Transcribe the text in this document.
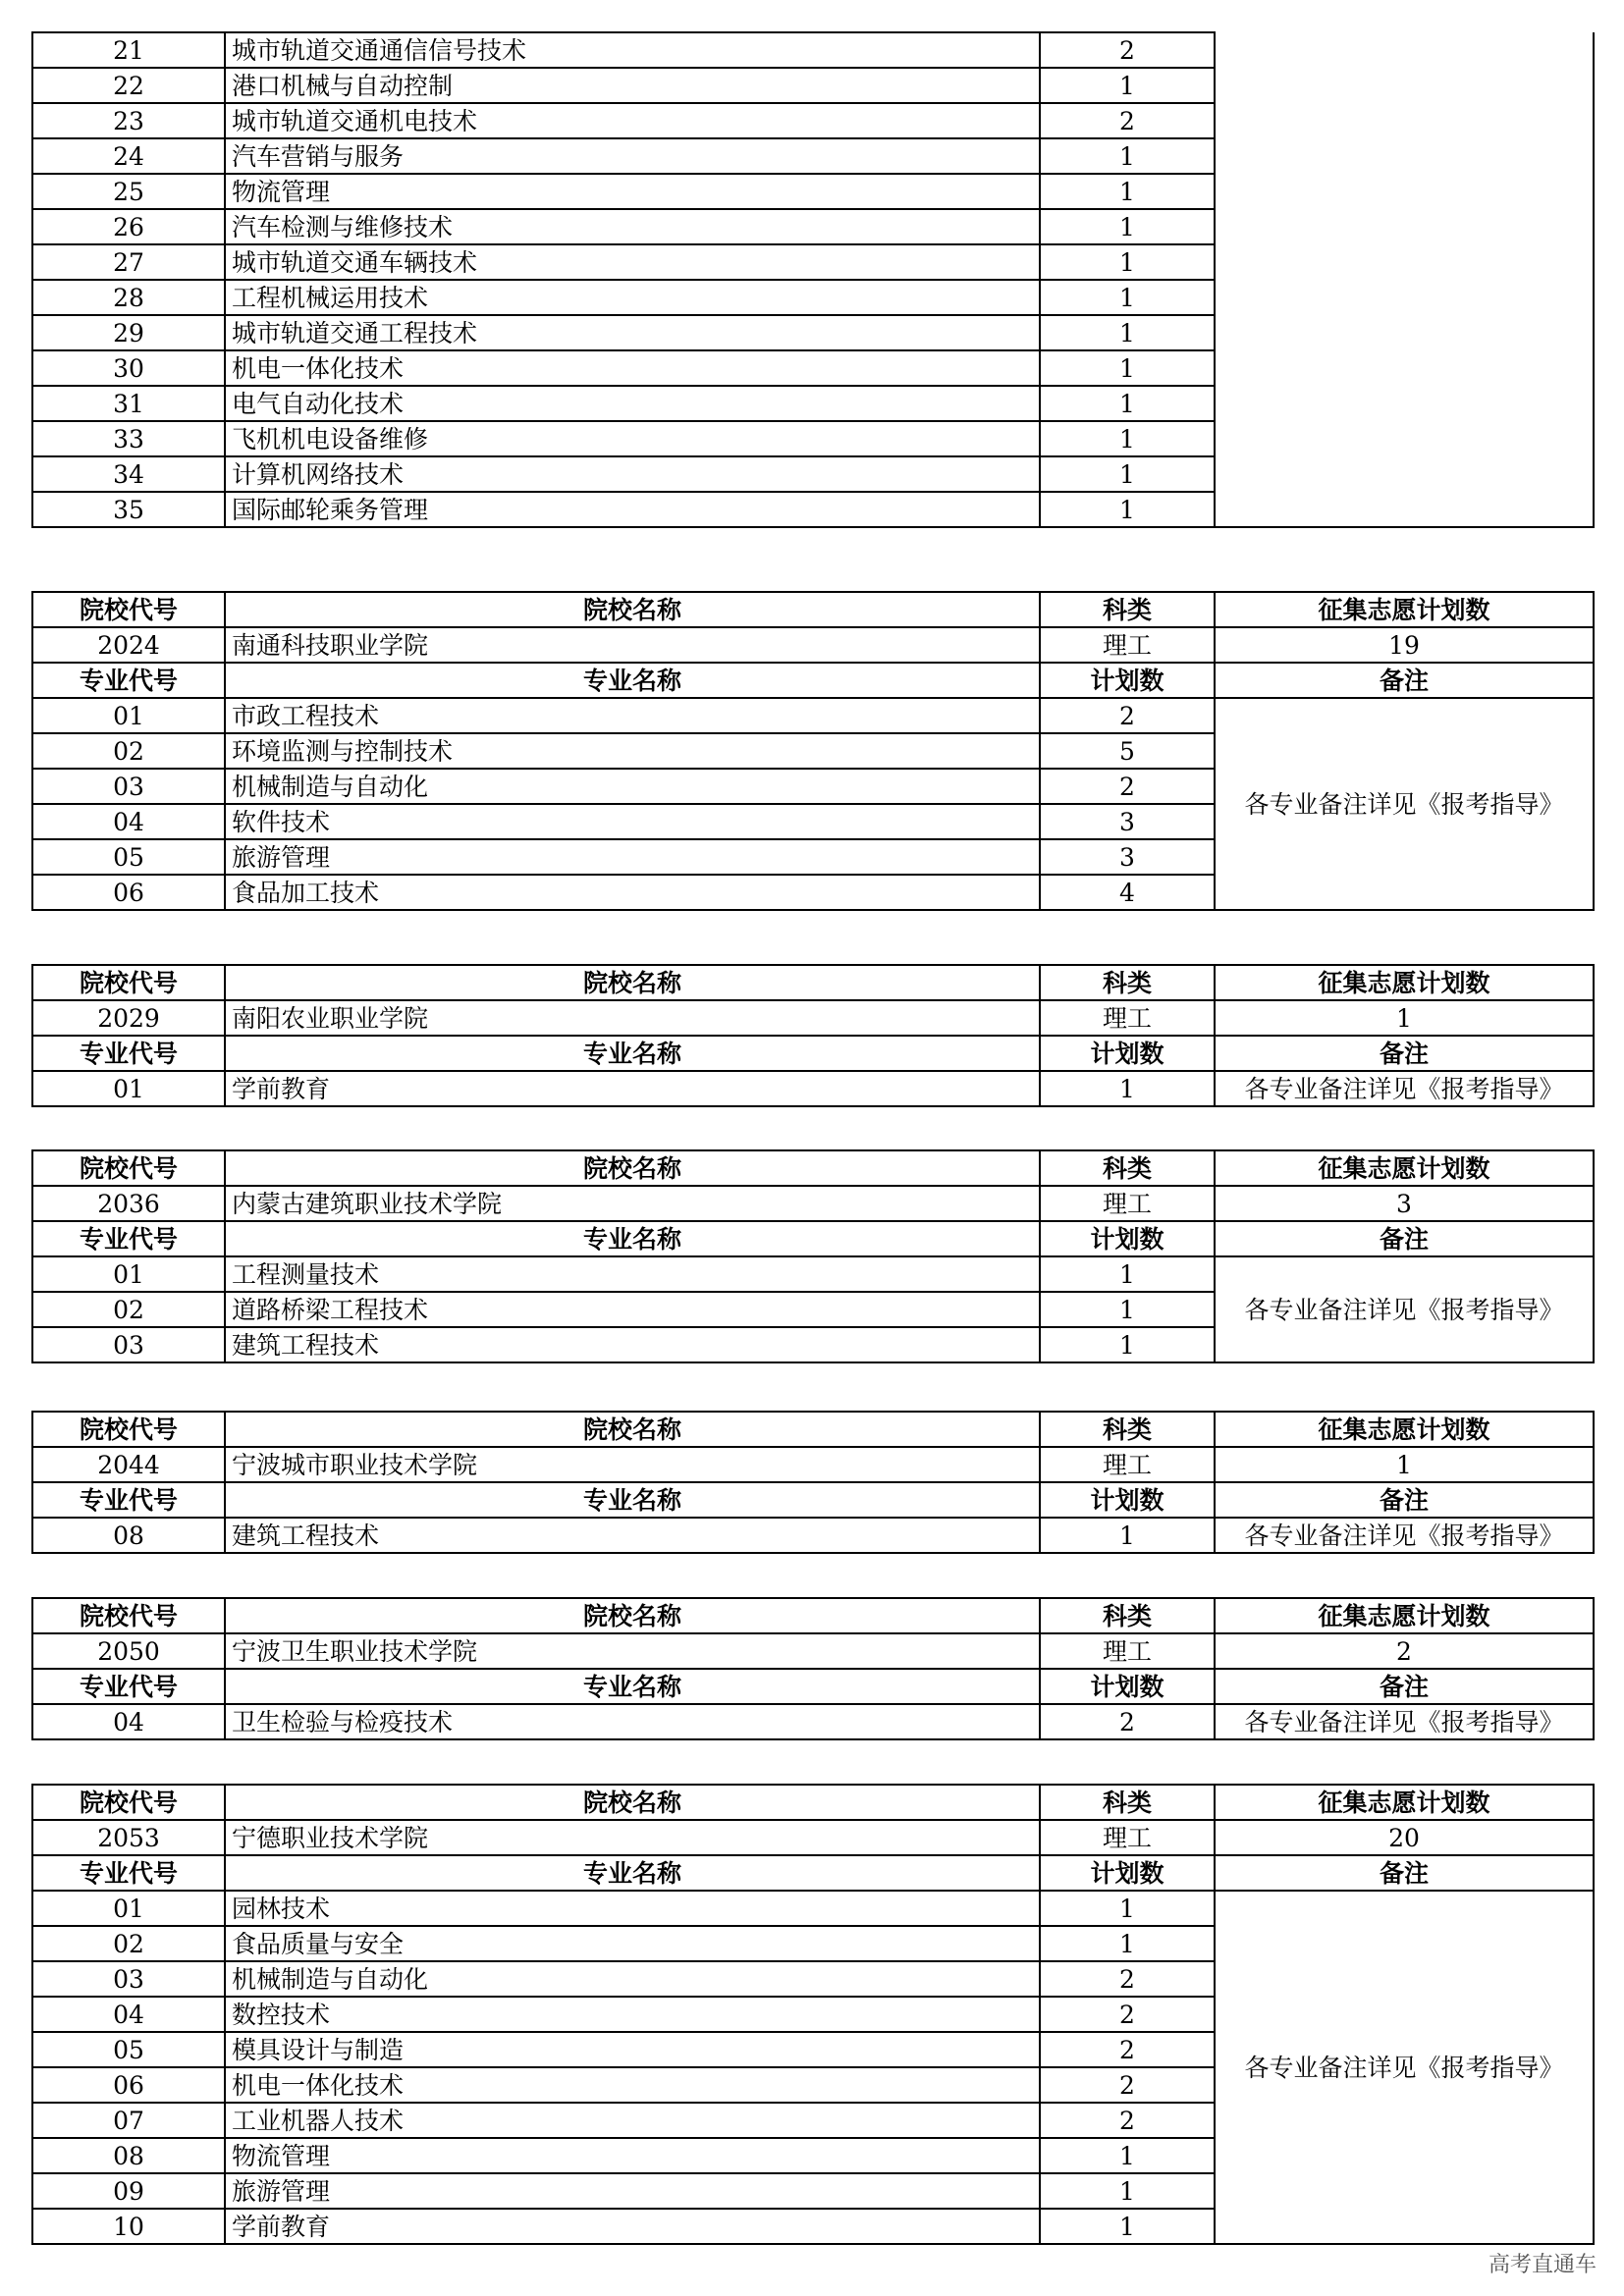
21	城市轨道交通通信信号技术	2	
22	港口机械与自动控制	1	
23	城市轨道交通机电技术	2	
24	汽车营销与服务	1	
25	物流管理	1	
26	汽车检测与维修技术	1	
27	城市轨道交通车辆技术	1	
28	工程机械运用技术	1	
29	城市轨道交通工程技术	1	
30	机电一体化技术	1	
31	电气自动化技术	1	
33	飞机机电设备维修	1	
34	计算机网络技术	1	
35	国际邮轮乘务管理	1	
院校代号	院校名称	科类	征集志愿计划数
2024	南通科技职业学院	理工	19
专业代号	专业名称	计划数	备注
01	市政工程技术	2	各专业备注详见《报考指导》
02	环境监测与控制技术	5	
03	机械制造与自动化	2	
04	软件技术	3	
05	旅游管理	3	
06	食品加工技术	4	
院校代号	院校名称	科类	征集志愿计划数
2029	南阳农业职业学院	理工	1
专业代号	专业名称	计划数	备注
01	学前教育	1	各专业备注详见《报考指导》
院校代号	院校名称	科类	征集志愿计划数
2036	内蒙古建筑职业技术学院	理工	3
专业代号	专业名称	计划数	备注
01	工程测量技术	1	各专业备注详见《报考指导》
02	道路桥梁工程技术	1	
03	建筑工程技术	1	
院校代号	院校名称	科类	征集志愿计划数
2044	宁波城市职业技术学院	理工	1
专业代号	专业名称	计划数	备注
08	建筑工程技术	1	各专业备注详见《报考指导》
院校代号	院校名称	科类	征集志愿计划数
2050	宁波卫生职业技术学院	理工	2
专业代号	专业名称	计划数	备注
04	卫生检验与检疫技术	2	各专业备注详见《报考指导》
院校代号	院校名称	科类	征集志愿计划数
2053	宁德职业技术学院	理工	20
专业代号	专业名称	计划数	备注
01	园林技术	1	各专业备注详见《报考指导》
02	食品质量与安全	1	
03	机械制造与自动化	2	
04	数控技术	2	
05	模具设计与制造	2	
06	机电一体化技术	2	
07	工业机器人技术	2	
08	物流管理	1	
09	旅游管理	1	
10	学前教育	1	
高考直通车
